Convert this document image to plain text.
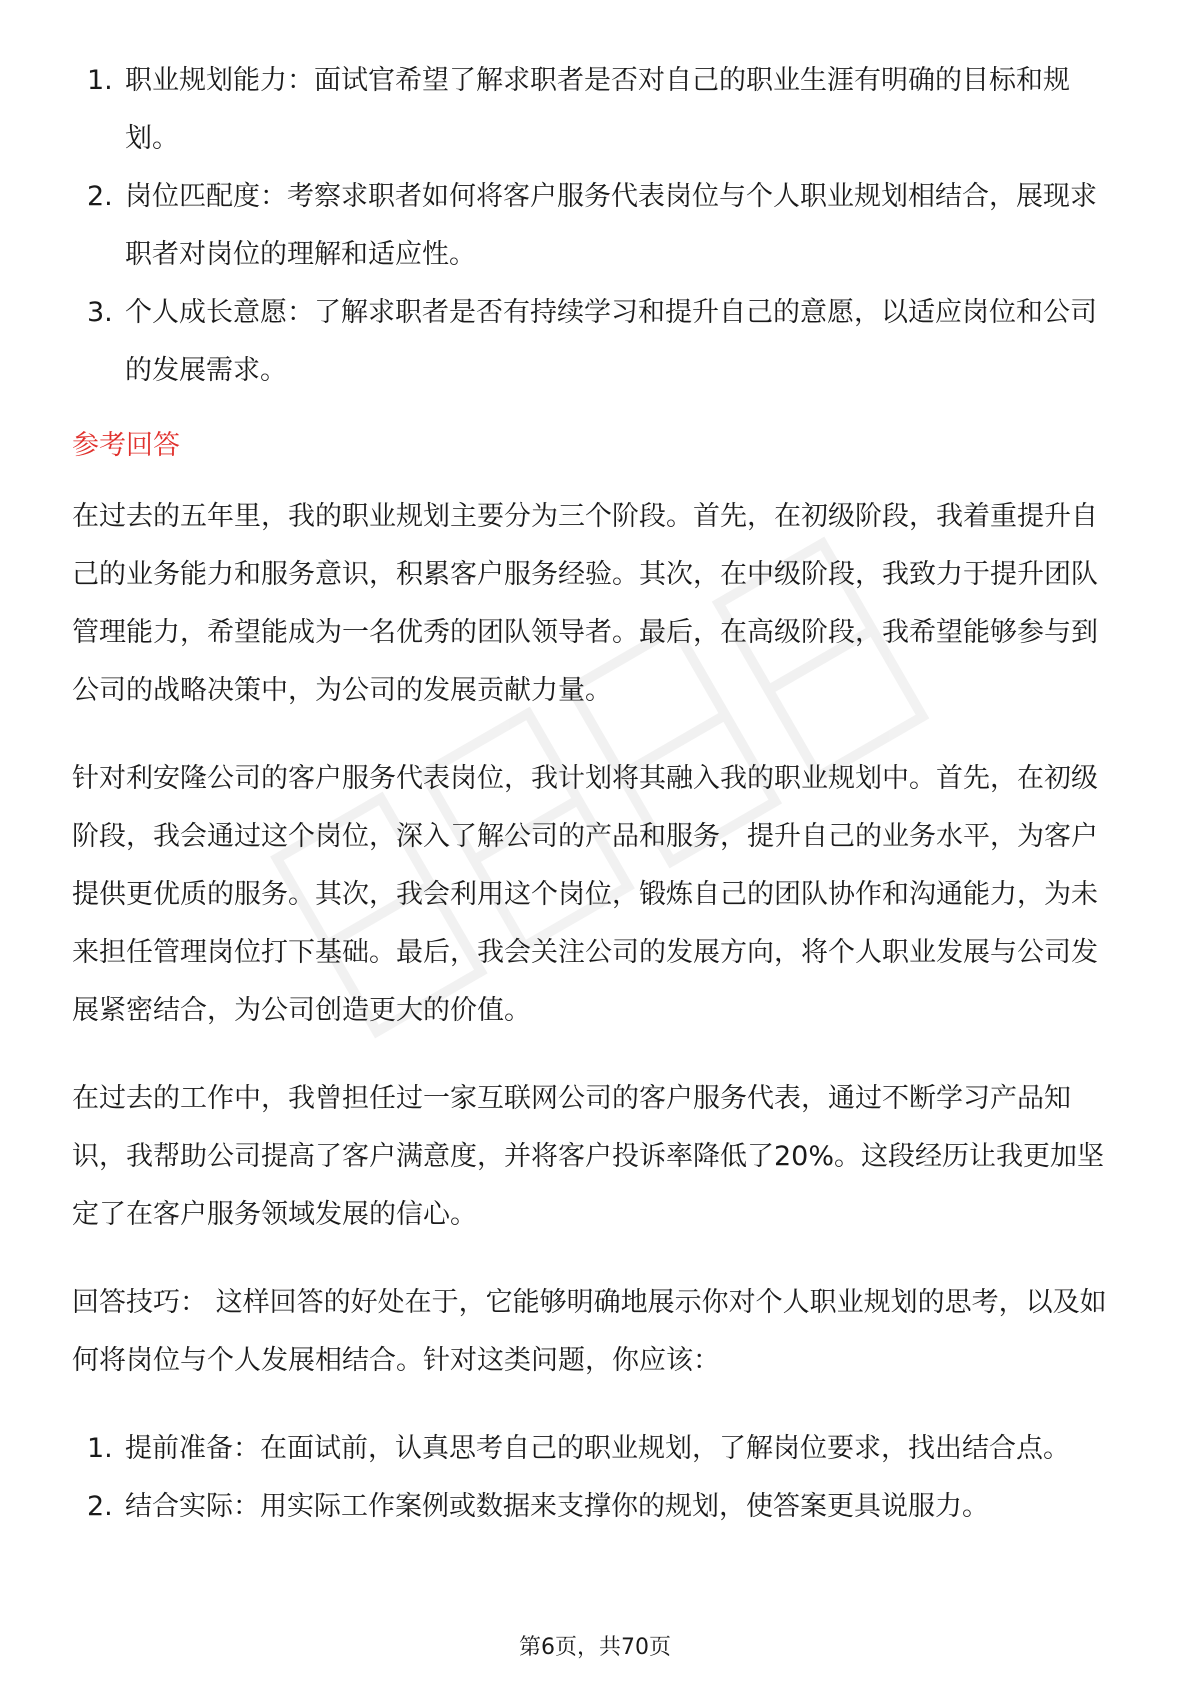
1. 职业规划能力：面试官希望了解求职者是否对自己的职业生涯有明确的目标和规划。
2. 岗位匹配度：考察求职者如何将客户服务代表岗位与个人职业规划相结合，展现求职者对岗位的理解和适应性。
3. 个人成长意愿：了解求职者是否有持续学习和提升自己的意愿，以适应岗位和公司的发展需求。
参考回答

在过去的五年里，我的职业规划主要分为三个阶段。首先，在初级阶段，我着重提升自己的业务能力和服务意识，积累客户服务经验。其次，在中级阶段，我致力于提升团队管理能力，希望能成为一名优秀的团队领导者。最后，在高级阶段，我希望能够参与到公司的战略决策中，为公司的发展贡献力量。

针对利安隆公司的客户服务代表岗位，我计划将其融入我的职业规划中。首先，在初级阶段，我会通过这个岗位，深入了解公司的产品和服务，提升自己的业务水平，为客户提供更优质的服务。其次，我会利用这个岗位，锻炼自己的团队协作和沟通能力，为未来担任管理岗位打下基础。最后，我会关注公司的发展方向，将个人职业发展与公司发展紧密结合，为公司创造更大的价值。

在过去的工作中，我曾担任过一家互联网公司的客户服务代表，通过不断学习产品知识，我帮助公司提高了客户满意度，并将客户投诉率降低了20%。这段经历让我更加坚定了在客户服务领域发展的信心。

回答技巧： 这样回答的好处在于，它能够明确地展示你对个人职业规划的思考，以及如何将岗位与个人发展相结合。针对这类问题，你应该：

1. 提前准备：在面试前，认真思考自己的职业规划，了解岗位要求，找出结合点。
2. 结合实际：用实际工作案例或数据来支撑你的规划，使答案更具说服力。
第6页，共70页
